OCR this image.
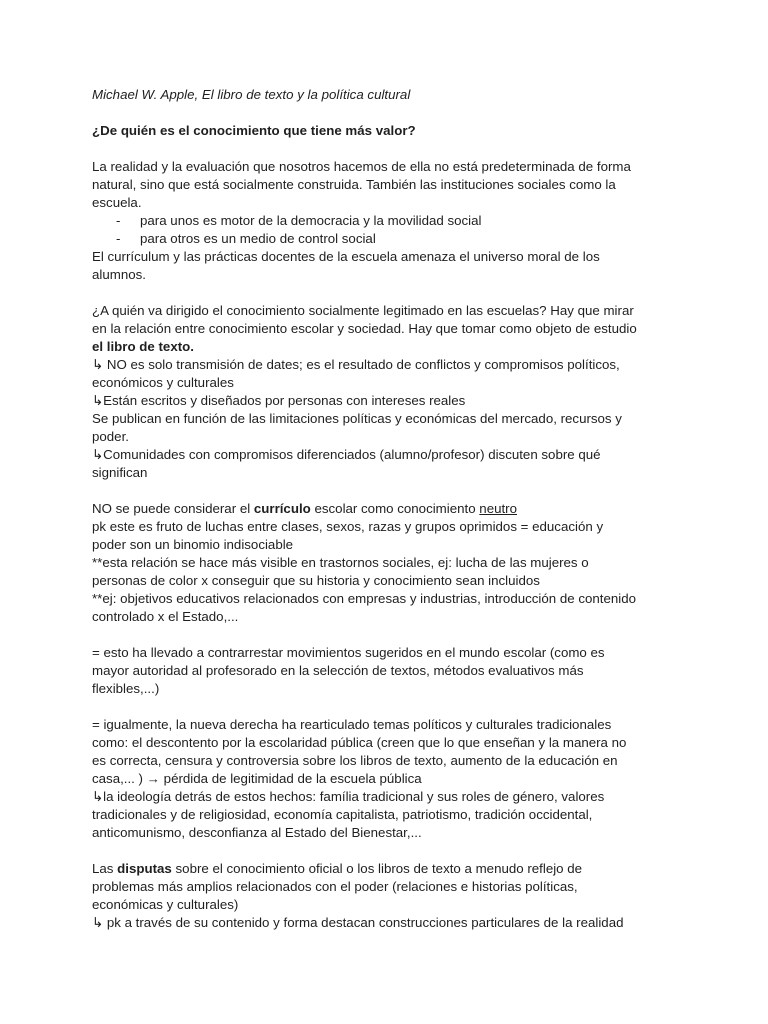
Michael W. Apple, El libro de texto y la política cultural
¿De quién es el conocimiento que tiene más valor?
La realidad y la evaluación que nosotros hacemos de ella no está predeterminada de forma
natural, sino que está socialmente construida. También las instituciones sociales como la
escuela.
- para unos es motor de la democracia y la movilidad social
- para otros es un medio de control social
El currículum y las prácticas docentes de la escuela amenaza el universo moral de los
alumnos.
¿A quién va dirigido el conocimiento socialmente legitimado en las escuelas? Hay que mirar
en la relación entre conocimiento escolar y sociedad. Hay que tomar como objeto de estudio
el libro de texto.
↳ NO es solo transmisión de dates; es el resultado de conflictos y compromisos políticos,
económicos y culturales
↳Están escritos y diseñados por personas con intereses reales
Se publican en función de las limitaciones políticas y económicas del mercado, recursos y
poder.
↳Comunidades con compromisos diferenciados (alumno/profesor) discuten sobre qué
significan
NO se puede considerar el currículo escolar como conocimiento neutro
pk este es fruto de luchas entre clases, sexos, razas y grupos oprimidos = educación y
poder son un binomio indisociable
**esta relación se hace más visible en trastornos sociales, ej: lucha de las mujeres o
personas de color x conseguir que su historia y conocimiento sean incluidos
**ej: objetivos educativos relacionados con empresas y industrias, introducción de contenido
controlado x el Estado,...
= esto ha llevado a contrarrestar movimientos sugeridos en el mundo escolar (como es
mayor autoridad al profesorado en la selección de textos, métodos evaluativos más
flexibles,...)
= igualmente, la nueva derecha ha rearticulado temas políticos y culturales tradicionales
como: el descontento por la escolaridad pública (creen que lo que enseñan y la manera no
es correcta, censura y controversia sobre los libros de texto, aumento de la educación en
casa,... ) → pérdida de legitimidad de la escuela pública
↳la ideología detrás de estos hechos: família tradicional y sus roles de género, valores
tradicionales y de religiosidad, economía capitalista, patriotismo, tradición occidental,
anticomunismo, desconfianza al Estado del Bienestar,...
Las disputas sobre el conocimiento oficial o los libros de texto a menudo reflejo de
problemas más amplios relacionados con el poder (relaciones e historias políticas,
económicas y culturales)
↳ pk a través de su contenido y forma destacan construcciones particulares de la realidad
